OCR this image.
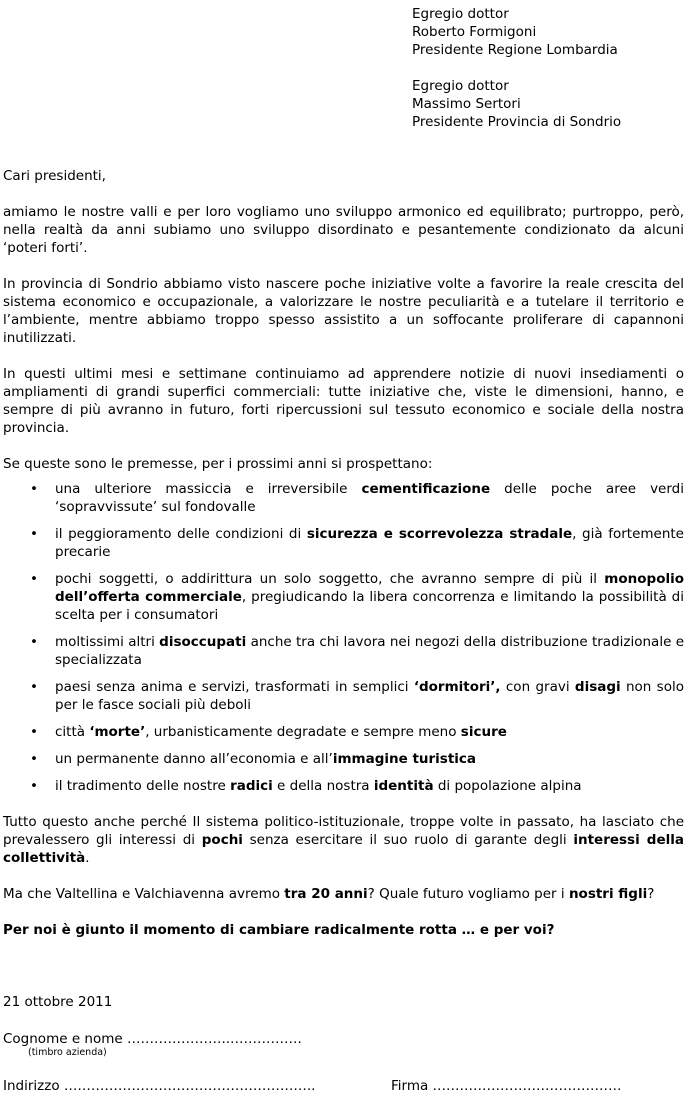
Egregio dottor
Roberto Formigoni
Presidente Regione Lombardia
Egregio dottor
Massimo Sertori
Presidente Provincia di Sondrio

Cari presidenti,

amiamo le nostre valli e per loro vogliamo uno sviluppo armonico ed equilibrato; purtroppo, però, nella realtà da anni subiamo uno sviluppo disordinato e pesantemente condizionato da alcuni ‘poteri forti’.

In provincia di Sondrio abbiamo visto nascere poche iniziative volte a favorire la reale crescita del sistema economico e occupazionale, a valorizzare le nostre peculiarità e a tutelare il territorio e l’ambiente, mentre abbiamo troppo spesso assistito a un soffocante proliferare di capannoni inutilizzati.

In questi ultimi mesi e settimane continuiamo ad apprendere notizie di nuovi insediamenti o ampliamenti di grandi superfici commerciali: tutte iniziative che, viste le dimensioni, hanno, e sempre di più avranno in futuro, forti ripercussioni sul tessuto economico e sociale della nostra provincia.

Se queste sono le premesse, per i prossimi anni si prospettano:

• una ulteriore massiccia e irreversibile cementificazione delle poche aree verdi ‘sopravvissute’ sul fondovalle
• il peggioramento delle condizioni di sicurezza e scorrevolezza stradale, già fortemente precarie
• pochi soggetti, o addirittura un solo soggetto, che avranno sempre di più il monopolio dell’offerta commerciale, pregiudicando la libera concorrenza e limitando la possibilità di scelta per i consumatori
• moltissimi altri disoccupati anche tra chi lavora nei negozi della distribuzione tradizionale e specializzata
• paesi senza anima e servizi, trasformati in semplici ‘dormitori’, con gravi disagi non solo per le fasce sociali più deboli
• città ‘morte’, urbanisticamente degradate e sempre meno sicure
• un permanente danno all’economia e all’immagine turistica
• il tradimento delle nostre radici e della nostra identità di popolazione alpina

Tutto questo anche perché Il sistema politico-istituzionale, troppe volte in passato, ha lasciato che prevalessero gli interessi di pochi senza esercitare il suo ruolo di garante degli interessi della collettività.

Ma che Valtellina e Valchiavenna avremo tra 20 anni? Quale futuro vogliamo per i nostri figli?

Per noi è giunto il momento di cambiare radicalmente rotta … e per voi?

21 ottobre 2011

Cognome e nome …………………..…………….

(timbro azienda)
Indirizzo ………………………………………………..	Firma ……………………………………
